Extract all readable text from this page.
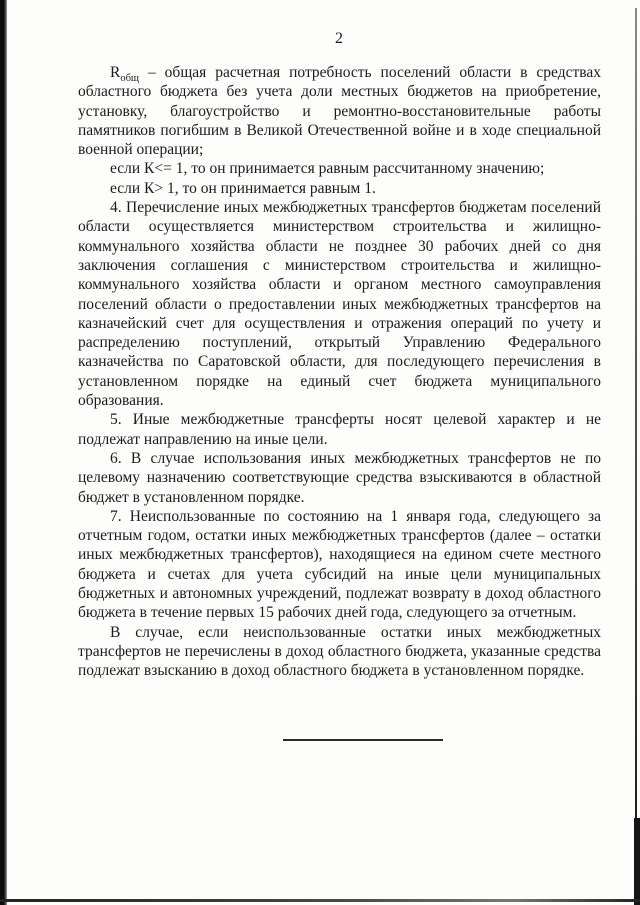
2

$R_{общ}$ – общая расчетная потребность поселений области в средствах областного бюджета без учета доли местных бюджетов на приобретение, установку, благоустройство и ремонтно-восстановительные работы памятников погибшим в Великой Отечественной войне и в ходе специальной военной операции;

если К<= 1, то он принимается равным рассчитанному значению;

если К> 1, то он принимается равным 1.

4. Перечисление иных межбюджетных трансфертов бюджетам поселений области осуществляется министерством строительства и жилищно-коммунального хозяйства области не позднее 30 рабочих дней со дня заключения соглашения с министерством строительства и жилищно-коммунального хозяйства области и органом местного самоуправления поселений области о предоставлении иных межбюджетных трансфертов на казначейский счет для осуществления и отражения операций по учету и распределению поступлений, открытый Управлению Федерального казначейства по Саратовской области, для последующего перечисления в установленном порядке на единый счет бюджета муниципального образования.

5. Иные межбюджетные трансферты носят целевой характер и не подлежат направлению на иные цели.

6. В случае использования иных межбюджетных трансфертов не по целевому назначению соответствующие средства взыскиваются в областной бюджет в установленном порядке.

7. Неиспользованные по состоянию на 1 января года, следующего за отчетным годом, остатки иных межбюджетных трансфертов (далее – остатки иных межбюджетных трансфертов), находящиеся на едином счете местного бюджета и счетах для учета субсидий на иные цели муниципальных бюджетных и автономных учреждений, подлежат возврату в доход областного бюджета в течение первых 15 рабочих дней года, следующего за отчетным.

В случае, если неиспользованные остатки иных межбюджетных трансфертов не перечислены в доход областного бюджета, указанные средства подлежат взысканию в доход областного бюджета в установленном порядке.
